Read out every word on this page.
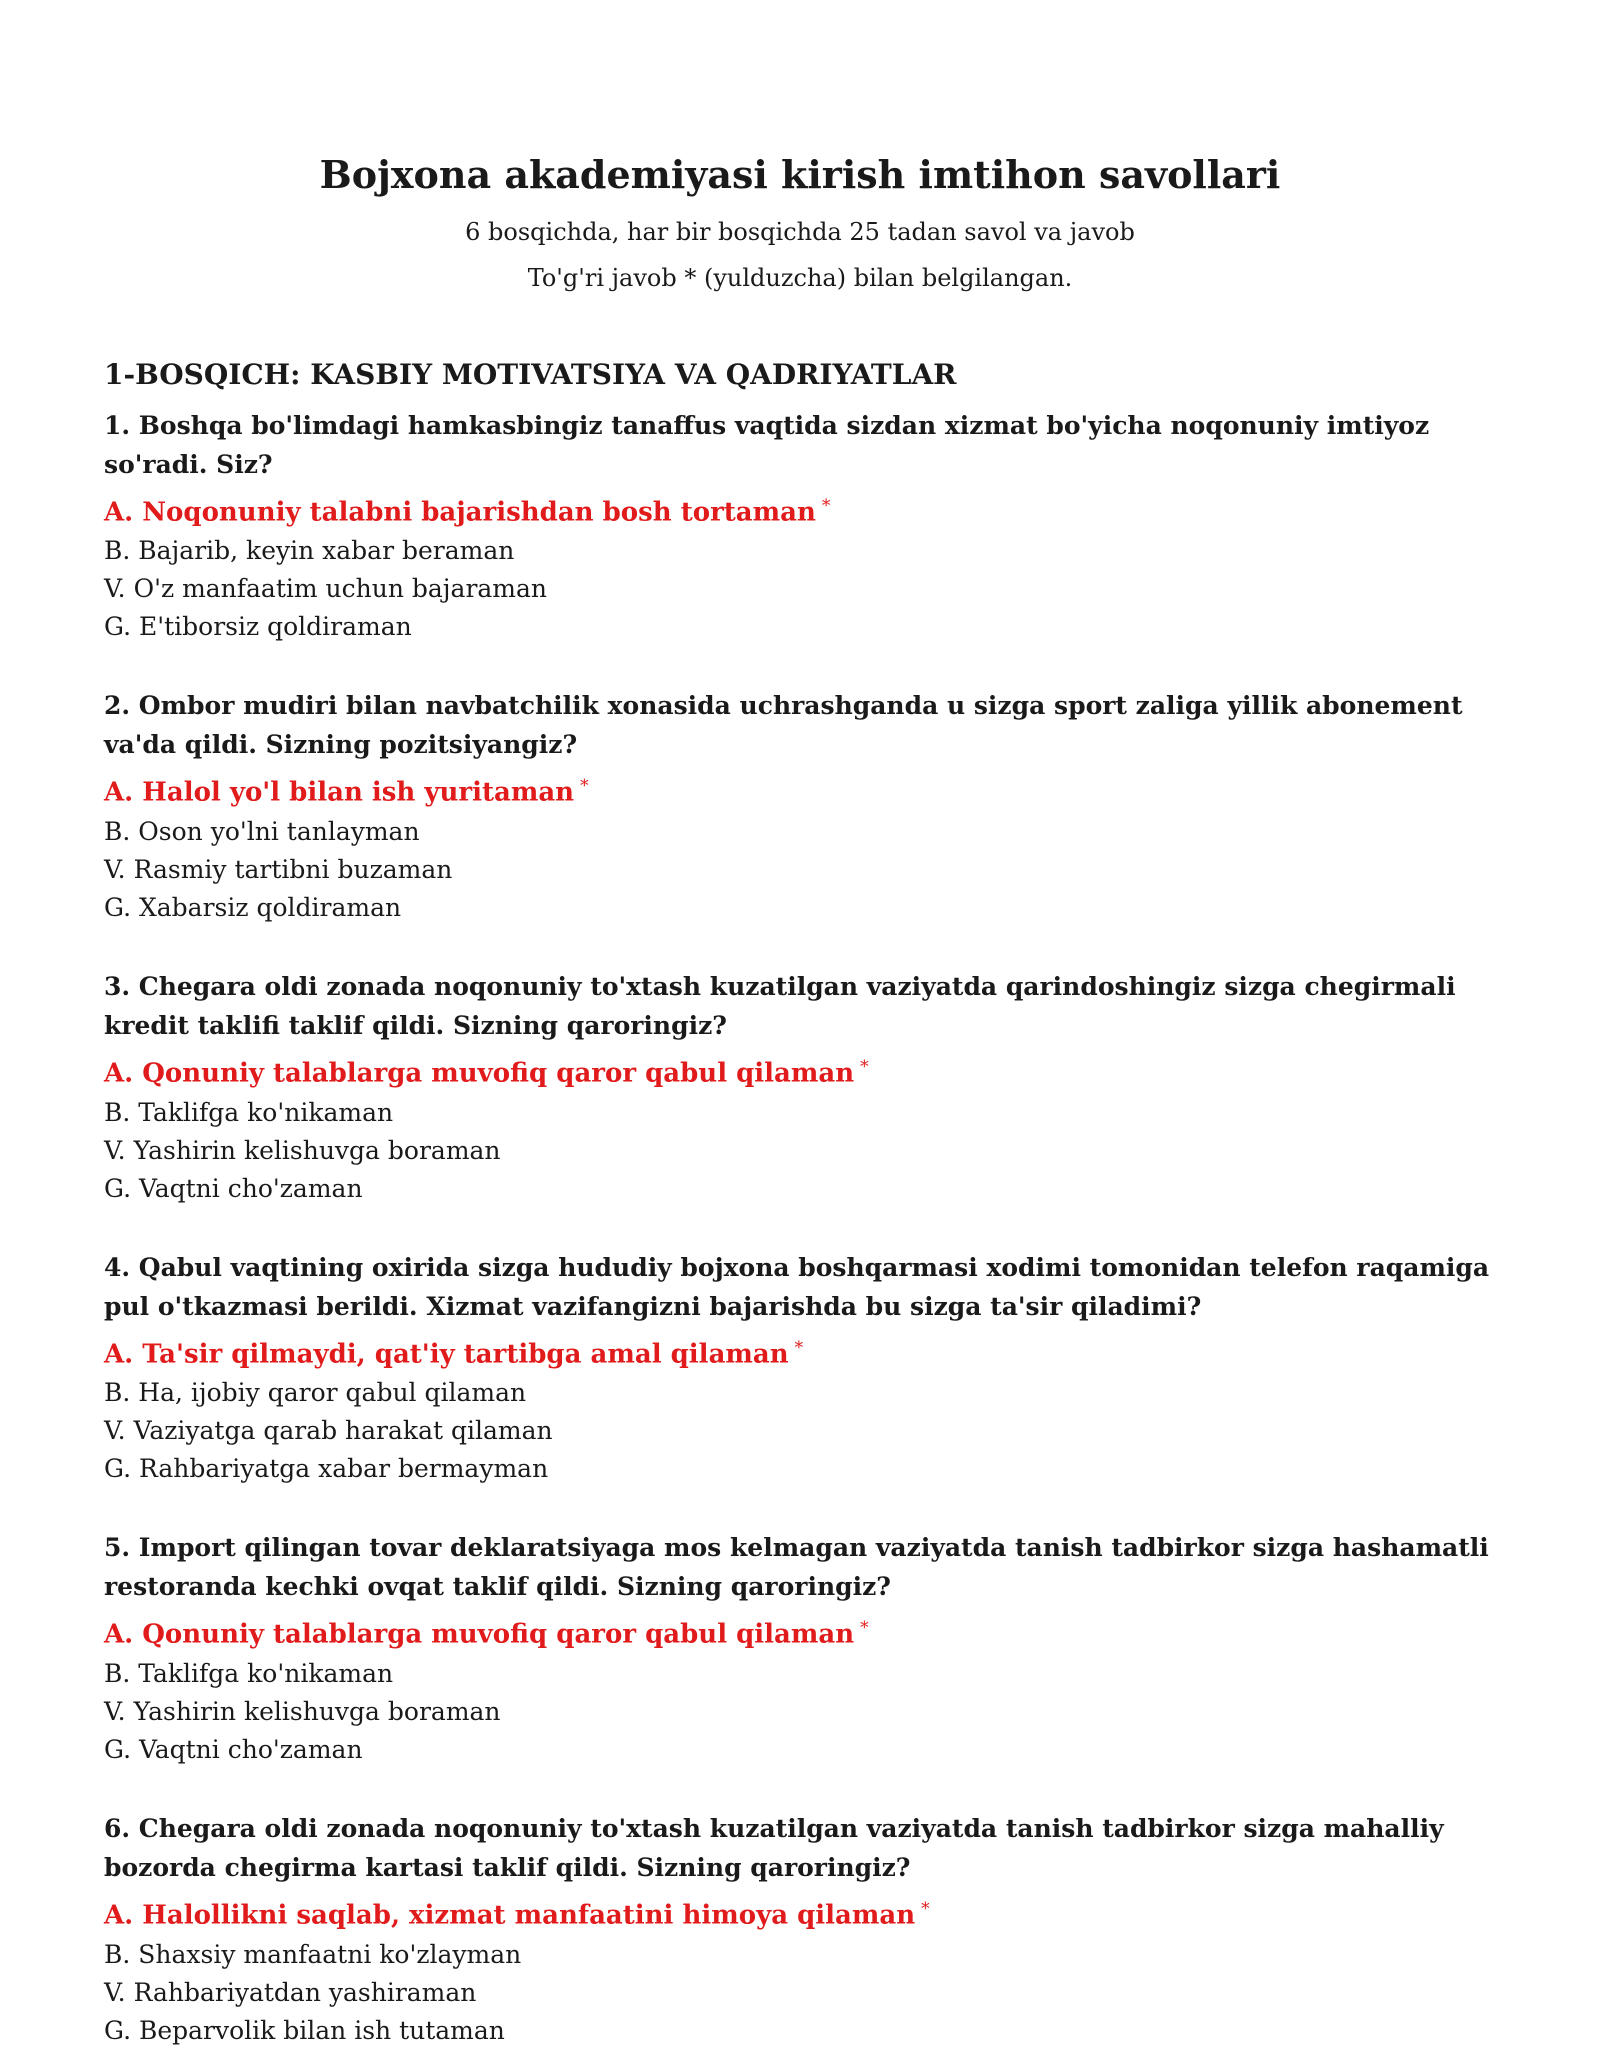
Bojxona akademiyasi kirish imtihon savollari

6 bosqichda, har bir bosqichda 25 tadan savol va javob

To'g'ri javob * (yulduzcha) bilan belgilangan.

1-BOSQICH: KASBIY MOTIVATSIYA VA QADRIYATLAR

1. Boshqa bo'limdagi hamkasbingiz tanaffus vaqtida sizdan xizmat bo'yicha noqonuniy imtiyoz so'radi. Siz?

A. Noqonuniy talabni bajarishdan bosh tortaman *

B. Bajarib, keyin xabar beraman

V. O'z manfaatim uchun bajaraman

G. E'tiborsiz qoldiraman

2. Ombor mudiri bilan navbatchilik xonasida uchrashganda u sizga sport zaliga yillik abonement va'da qildi. Sizning pozitsiyangiz?

A. Halol yo'l bilan ish yuritaman *

B. Oson yo'lni tanlayman

V. Rasmiy tartibni buzaman

G. Xabarsiz qoldiraman

3. Chegara oldi zonada noqonuniy to'xtash kuzatilgan vaziyatda qarindoshingiz sizga chegirmali kredit taklifi taklif qildi. Sizning qaroringiz?

A. Qonuniy talablarga muvofiq qaror qabul qilaman *

B. Taklifga ko'nikaman

V. Yashirin kelishuvga boraman

G. Vaqtni cho'zaman

4. Qabul vaqtining oxirida sizga hududiy bojxona boshqarmasi xodimi tomonidan telefon raqamiga pul o'tkazmasi berildi. Xizmat vazifangizni bajarishda bu sizga ta'sir qiladimi?

A. Ta'sir qilmaydi, qat'iy tartibga amal qilaman *

B. Ha, ijobiy qaror qabul qilaman

V. Vaziyatga qarab harakat qilaman

G. Rahbariyatga xabar bermayman

5. Import qilingan tovar deklaratsiyaga mos kelmagan vaziyatda tanish tadbirkor sizga hashamatli restoranda kechki ovqat taklif qildi. Sizning qaroringiz?

A. Qonuniy talablarga muvofiq qaror qabul qilaman *

B. Taklifga ko'nikaman

V. Yashirin kelishuvga boraman

G. Vaqtni cho'zaman

6. Chegara oldi zonada noqonuniy to'xtash kuzatilgan vaziyatda tanish tadbirkor sizga mahalliy bozorda chegirma kartasi taklif qildi. Sizning qaroringiz?

A. Halollikni saqlab, xizmat manfaatini himoya qilaman *

B. Shaxsiy manfaatni ko'zlayman

V. Rahbariyatdan yashiraman

G. Beparvolik bilan ish tutaman
